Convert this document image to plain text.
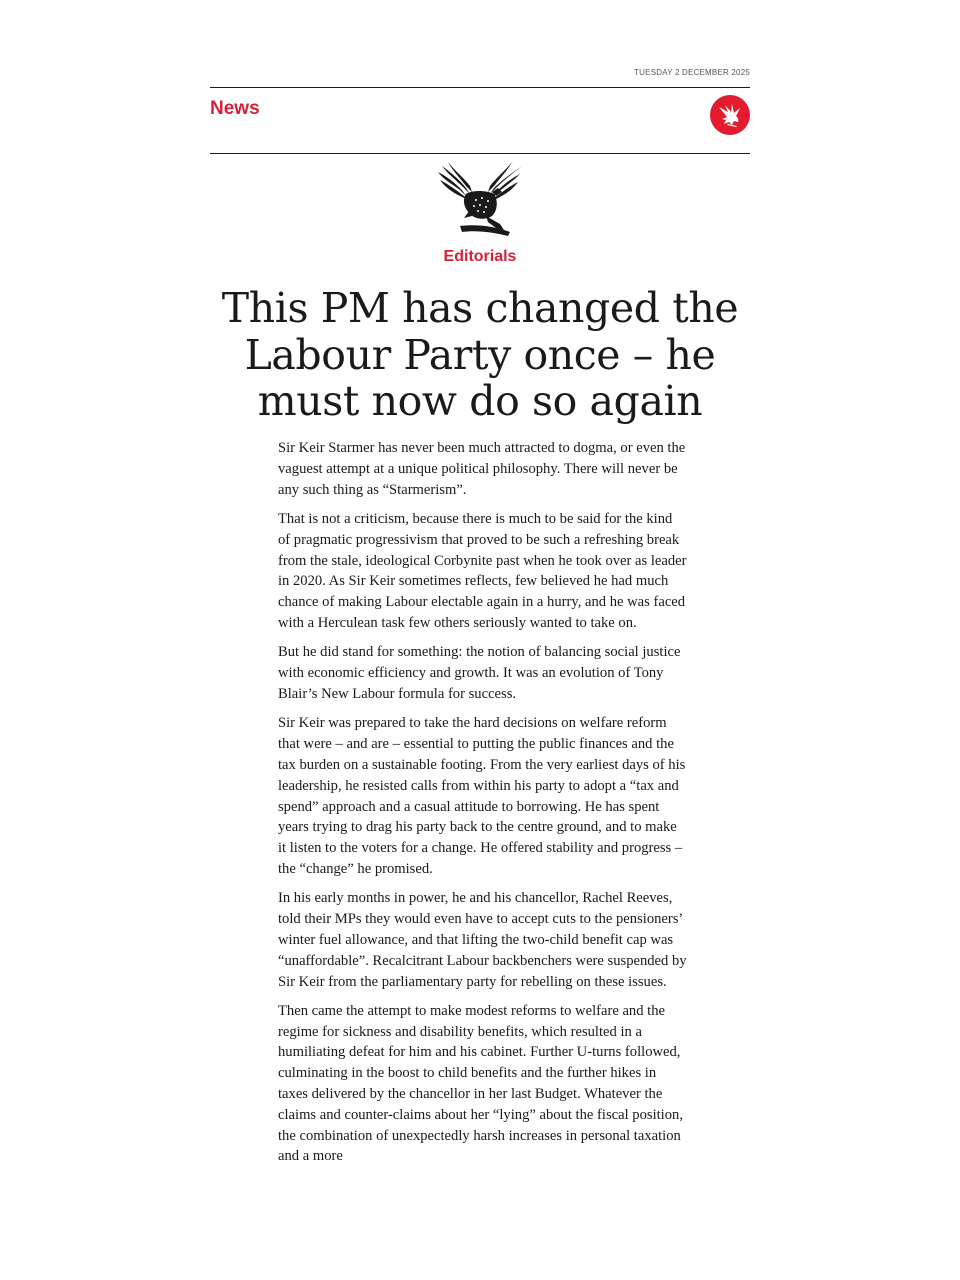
TUESDAY 2 DECEMBER 2025
News
Editorials
This PM has changed the Labour Party once – he must now do so again

Sir Keir Starmer has never been much attracted to dogma, or even the vaguest attempt at a unique political philosophy. There will never be any such thing as “Starmerism”.

That is not a criticism, because there is much to be said for the kind of pragmatic progressivism that proved to be such a refreshing break from the stale, ideological Corbynite past when he took over as leader in 2020. As Sir Keir sometimes reflects, few believed he had much chance of making Labour electable again in a hurry, and he was faced with a Herculean task few others seriously wanted to take on.

But he did stand for something: the notion of balancing social justice with economic efficiency and growth. It was an evolution of Tony Blair’s New Labour formula for success.

Sir Keir was prepared to take the hard decisions on welfare reform that were – and are – essential to putting the public finances and the tax burden on a sustainable footing. From the very earliest days of his leadership, he resisted calls from within his party to adopt a “tax and spend” approach and a casual attitude to borrowing. He has spent years trying to drag his party back to the centre ground, and to make it listen to the voters for a change. He offered stability and progress – the “change” he promised.

In his early months in power, he and his chancellor, Rachel Reeves, told their MPs they would even have to accept cuts to the pensioners’ winter fuel allowance, and that lifting the two-child benefit cap was “unaffordable”. Recalcitrant Labour backbenchers were suspended by Sir Keir from the parliamentary party for rebelling on these issues.

Then came the attempt to make modest reforms to welfare and the regime for sickness and disability benefits, which resulted in a humiliating defeat for him and his cabinet. Further U-turns followed, culminating in the boost to child benefits and the further hikes in taxes delivered by the chancellor in her last Budget. Whatever the claims and counter-claims about her “lying” about the fiscal position, the combination of unexpectedly harsh increases in personal taxation and a more
